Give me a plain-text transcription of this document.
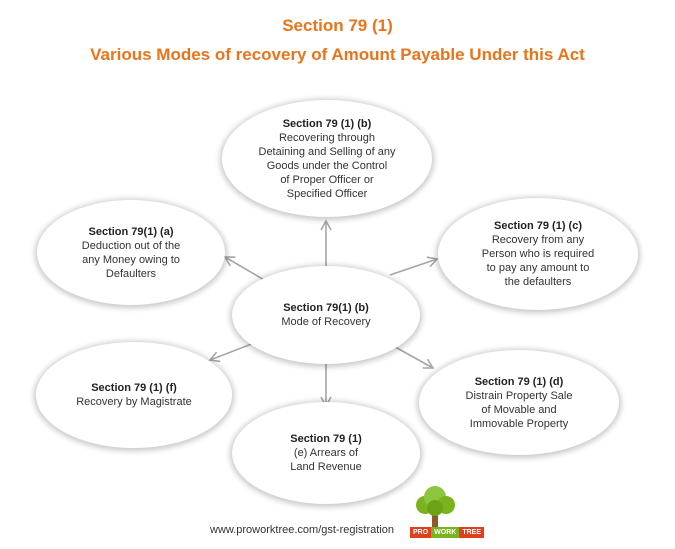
Section 79 (1)
Various Modes of recovery of Amount Payable Under this Act
Section 79 (1) (b)
Recovering through
Detaining and Selling of any
Goods under the Control
of Proper Officer or
Specified Officer
Section 79(1) (a)
Deduction out of the
any Money owing to
Defaulters
Section 79 (1) (c)
Recovery from any
Person who is required
to pay any amount to
the defaulters
Section 79 (1) (f)
Recovery by Magistrate
Section 79 (1) (d)
Distrain Property Sale
of Movable and
Immovable Property
Section 79 (1)
(e) Arrears of
Land Revenue
Section 79(1) (b)
Mode of Recovery
www.proworktree.com/gst-registration	PRO WORK TREE
